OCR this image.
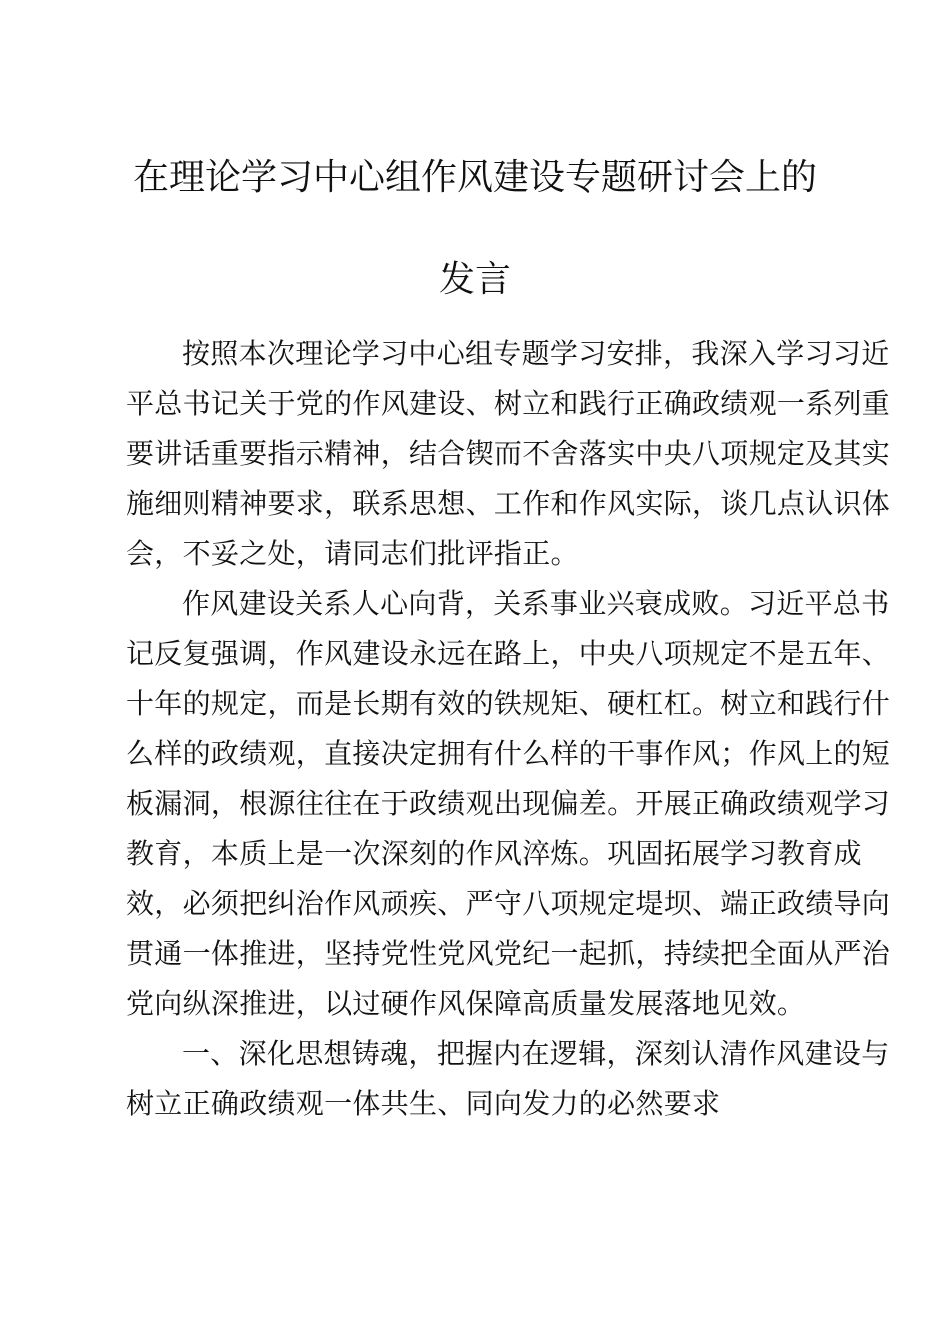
在理论学习中心组作风建设专题研讨会上的
发言
按照本次理论学习中心组专题学习安排，我深入学习习近
平总书记关于党的作风建设、树立和践行正确政绩观一系列重
要讲话重要指示精神，结合锲而不舍落实中央八项规定及其实
施细则精神要求，联系思想、工作和作风实际，谈几点认识体
会，不妥之处，请同志们批评指正。
作风建设关系人心向背，关系事业兴衰成败。习近平总书
记反复强调，作风建设永远在路上，中央八项规定不是五年、
十年的规定，而是长期有效的铁规矩、硬杠杠。树立和践行什
么样的政绩观，直接决定拥有什么样的干事作风；作风上的短
板漏洞，根源往往在于政绩观出现偏差。开展正确政绩观学习
教育，本质上是一次深刻的作风淬炼。巩固拓展学习教育成
效，必须把纠治作风顽疾、严守八项规定堤坝、端正政绩导向
贯通一体推进，坚持党性党风党纪一起抓，持续把全面从严治
党向纵深推进，以过硬作风保障高质量发展落地见效。
一、深化思想铸魂，把握内在逻辑，深刻认清作风建设与
树立正确政绩观一体共生、同向发力的必然要求
